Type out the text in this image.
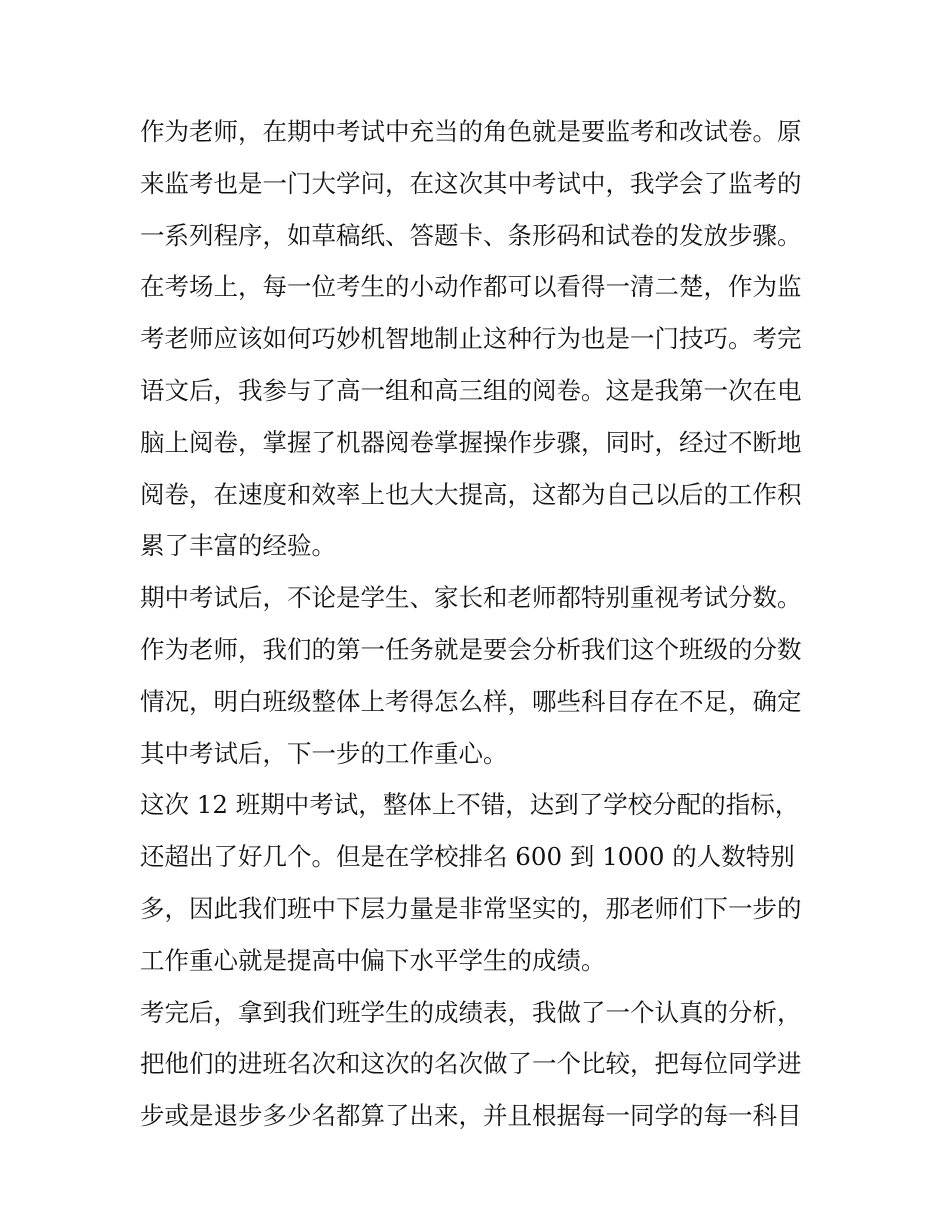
作为老师，在期中考试中充当的角色就是要监考和改试卷。原
来监考也是一门大学问，在这次其中考试中，我学会了监考的
一系列程序，如草稿纸、答题卡、条形码和试卷的发放步骤。
在考场上，每一位考生的小动作都可以看得一清二楚，作为监
考老师应该如何巧妙机智地制止这种行为也是一门技巧。考完
语文后，我参与了高一组和高三组的阅卷。这是我第一次在电
脑上阅卷，掌握了机器阅卷掌握操作步骤，同时，经过不断地
阅卷，在速度和效率上也大大提高，这都为自己以后的工作积
累了丰富的经验。
期中考试后，不论是学生、家长和老师都特别重视考试分数。
作为老师，我们的第一任务就是要会分析我们这个班级的分数
情况，明白班级整体上考得怎么样，哪些科目存在不足，确定
其中考试后，下一步的工作重心。
这次 12 班期中考试，整体上不错，达到了学校分配的指标，
还超出了好几个。但是在学校排名 600 到 1000 的人数特别
多，因此我们班中下层力量是非常坚实的，那老师们下一步的
工作重心就是提高中偏下水平学生的成绩。
考完后，拿到我们班学生的成绩表，我做了一个认真的分析，
把他们的进班名次和这次的名次做了一个比较，把每位同学进
步或是退步多少名都算了出来，并且根据每一同学的每一科目
